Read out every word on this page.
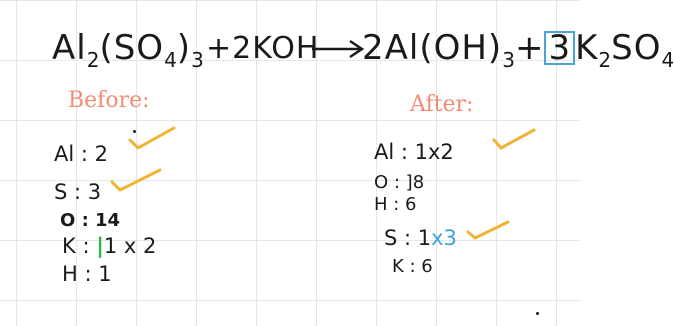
$Al_2(SO_4)_3 +2KOH$ $2Al(OH)_3+ 3$ $K_2SO_4$
Before:
Al : 2
S : 3
O : 14
K : |1 x 2
H : 1
After:
Al : 1x2
O : ]8
H : 6
S : 1x3
K : 6
